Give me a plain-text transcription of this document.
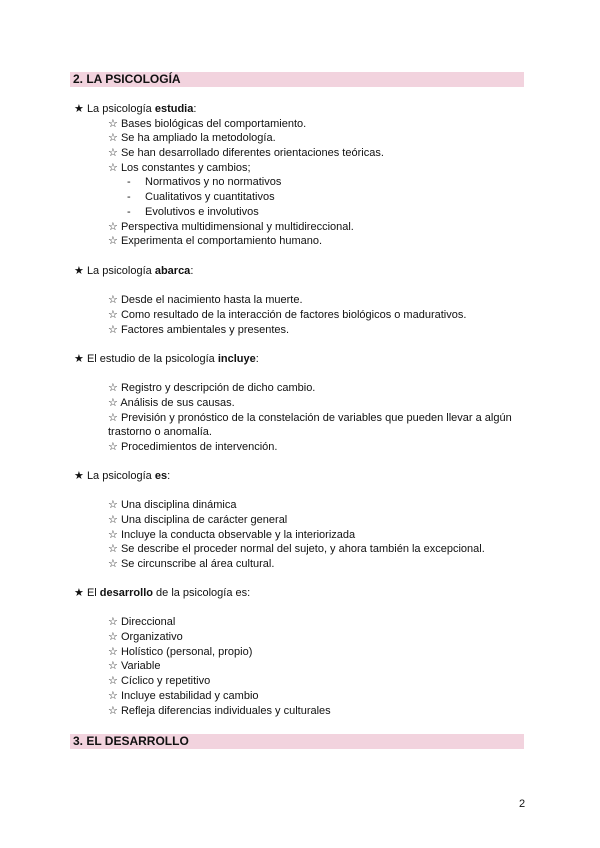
2. LA PSICOLOGÍA
★ La psicología estudia:
☆ Bases biológicas del comportamiento.
☆ Se ha ampliado la metodología.
☆ Se han desarrollado diferentes orientaciones teóricas.
☆ Los constantes y cambios;
- Normativos y no normativos
- Cualitativos y cuantitativos
- Evolutivos e involutivos
☆ Perspectiva multidimensional y multidireccional.
☆ Experimenta el comportamiento humano.
★ La psicología abarca:
☆ Desde el nacimiento hasta la muerte.
☆ Como resultado de la interacción de factores biológicos o madurativos.
☆ Factores ambientales y presentes.
★ El estudio de la psicología incluye:
☆ Registro y descripción de dicho cambio.
☆ Análisis de sus causas.
☆ Previsión y pronóstico de la constelación de variables que pueden llevar a algún
trastorno o anomalía.
☆ Procedimientos de intervención.
★ La psicología es:
☆ Una disciplina dinámica
☆ Una disciplina de carácter general
☆ Incluye la conducta observable y la interiorizada
☆ Se describe el proceder normal del sujeto, y ahora también la excepcional.
☆ Se circunscribe al área cultural.
★ El desarrollo de la psicología es:
☆ Direccional
☆ Organizativo
☆ Holístico (personal, propio)
☆ Variable
☆ Cíclico y repetitivo
☆ Incluye estabilidad y cambio
☆ Refleja diferencias individuales y culturales
3. EL DESARROLLO
2
